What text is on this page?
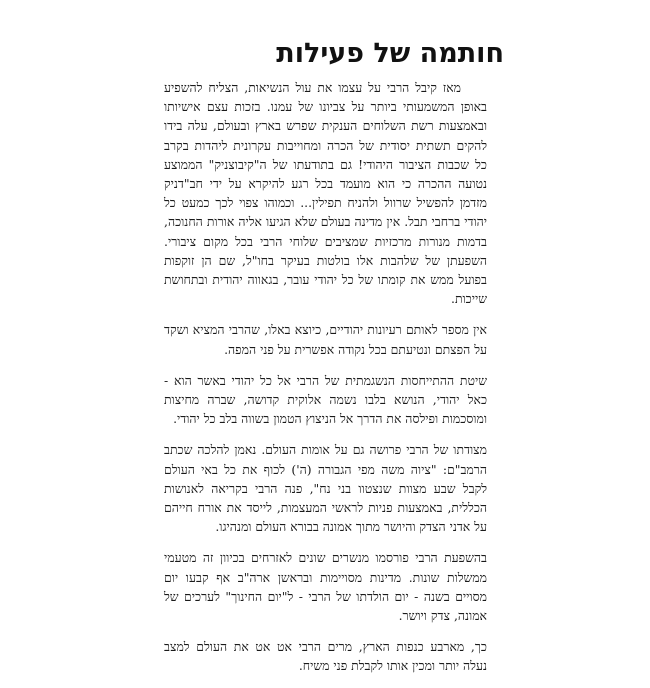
חותמה של פעילות

מאז קיבל הרבי על עצמו את עול הנשיאות, הצליח להשפיע באופן המשמעותי ביותר על צביונו של עמנו. בזכות עצם אישיותו ובאמצעות רשת השלוחים הענקית שפרש בארץ ובעולם, עלה בידו להקים תשתית יסודית של הכרה ומחוייבות עקרונית ליהדות בקרב כל שכבות הציבור היהודי! גם בתודעתו של ה"קיבוצניק" הממוצע נטועה ההכרה כי הוא מועמד בכל רגע להיקרא על ידי חב"דניק מזדמן להפשיל שרוול ולהניח תפילין... וכמוהו צפוי לכך כמעט כל יהודי ברחבי תבל. אין מדינה בעולם שלא הגיעו אליה אורות החנוכה, בדמות מנורות מרכזיות שמציבים שלוחי הרבי בכל מקום ציבורי. השפעתן של שלהבות אלו בולטות בעיקר בחו"ל, שם הן זוקפות בפועל ממש את קומתו של כל יהודי עובר, בגאווה יהודית ובתחושת שייכות.

אין מספר לאותם רעיונות יהודיים, כיוצא באלו, שהרבי המציא ושקד על הפצתם ונטיעתם בכל נקודה אפשרית על פני המפה.

שיטת ההתייחסות הנשגמתית של הרבי אל כל יהודי באשר הוא - כאל יהודי, הנושא בלבו נשמה אלוקית קדושה, שברה מחיצות ומוסכמות ופילסה את הדרך אל הניצוץ הטמון בשווה בלב כל יהודי.

מצודתו של הרבי פרושה גם על אומות העולם. נאמן להלכה שכתב הרמב"ם: "ציוה משה מפי הגבורה (ה') לכוף את כל באי העולם לקבל שבע מצוות שנצטוו בני נח", פנה הרבי בקריאה לאנושות הכללית, באמצעות פניות לראשי המעצמות, לייסד את אורח חייהם על אדני הצדק והיושר מתוך אמונה בבורא העולם ומנהיגו.

בהשפעת הרבי פורסמו מנשרים שונים לאזרחים בכיוון זה מטעמי ממשלות שונות. מדינות מסויימות ובראשן ארה"ב אף קבעו יום מסויים בשנה - יום הולדתו של הרבי - ל"יום החינוך" לערכים של אמונה, צדק ויושר.

כך, מארבע כנפות הארץ, מרים הרבי אט אט את העולם למצב נעלה יותר ומכין אותו לקבלת פני משיח.
